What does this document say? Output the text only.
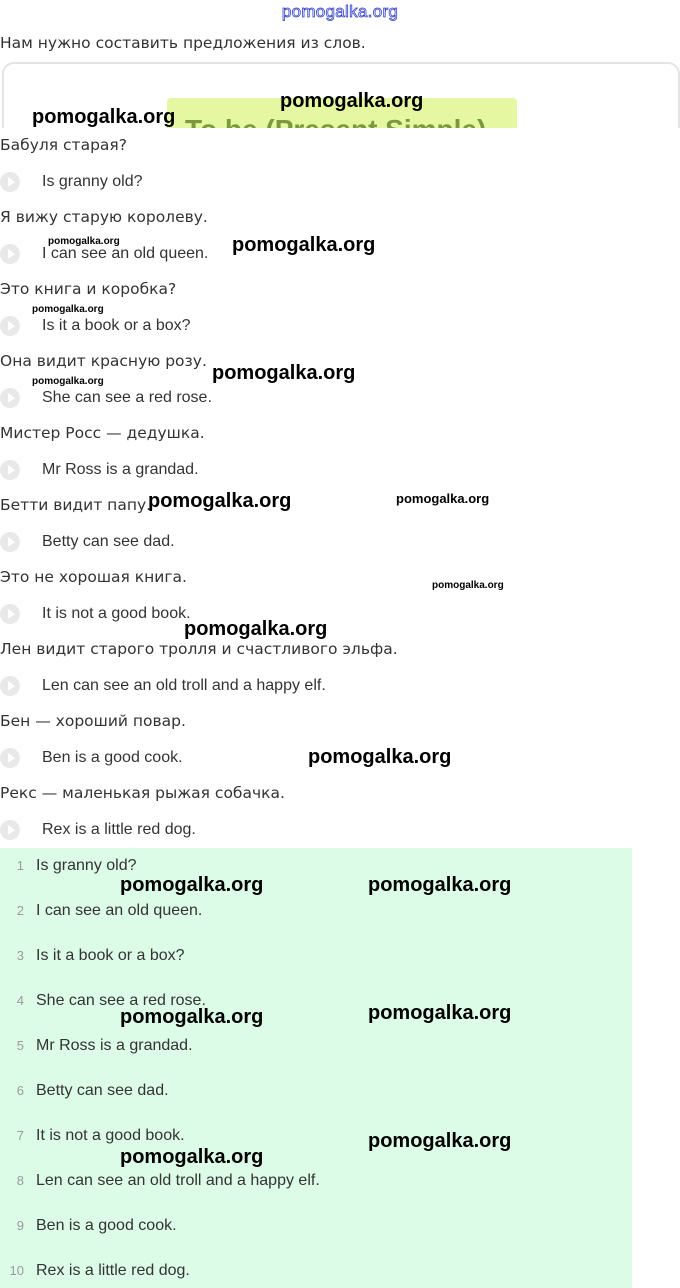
pomogalka.org
Нам нужно составить предложения из слов.
Бабуля старая?
Is granny old?
Я вижу старую королеву.
I can see an old queen.
Это книга и коробка?
Is it a book or a box?
Она видит красную розу.
She can see a red rose.
Мистер Росс — дедушка.
Mr Ross is a grandad.
Бетти видит папу.
Betty can see dad.
Это не хорошая книга.
It is not a good book.
Лен видит старого тролля и счастливого эльфа.
Len can see an old troll and a happy elf.
Бен — хороший повар.
Ben is a good cook.
Рекс — маленькая рыжая собачка.
Rex is a little red dog.
1 Is granny old?
2 I can see an old queen.
3 Is it a book or a box?
4 She can see a red rose.
5 Mr Ross is a grandad.
6 Betty can see dad.
7 It is not a good book.
8 Len can see an old troll and a happy elf.
9 Ben is a good cook.
10 Rex is a little red dog.
pomogalka.org
pomogalka.org
pomogalka.org	pomogalka.org
pomogalka.org
pomogalka.org
pomogalka.org
pomogalka.org	pomogalka.org
pomogalka.org
pomogalka.org
pomogalka.org
pomogalka.org	pomogalka.org
pomogalka.org
pomogalka.org
pomogalka.org
pomogalka.org
